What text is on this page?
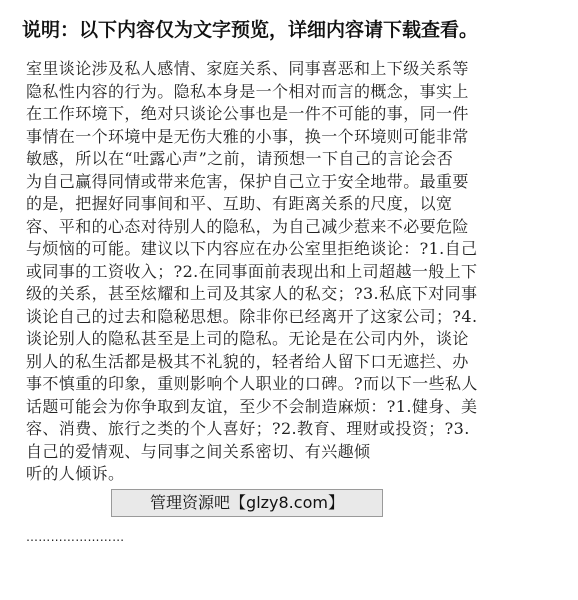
说明：以下内容仅为文字预览，详细内容请下载查看。
室里谈论涉及私人感情、家庭关系、同事喜恶和上下级关系等
隐私性内容的行为。隐私本身是一个相对而言的概念，事实上
在工作环境下，绝对只谈论公事也是一件不可能的事，同一件
事情在一个环境中是无伤大雅的小事，换一个环境则可能非常
敏感，所以在“吐露心声”之前，请预想一下自己的言论会否
为自己赢得同情或带来危害，保护自己立于安全地带。最重要
的是，把握好同事间和平、互助、有距离关系的尺度，以宽
容、平和的心态对待别人的隐私，为自己减少惹来不必要危险
与烦恼的可能。建议以下内容应在办公室里拒绝谈论：?1.自己
或同事的工资收入；?2.在同事面前表现出和上司超越一般上下
级的关系，甚至炫耀和上司及其家人的私交；?3.私底下对同事
谈论自己的过去和隐秘思想。除非你已经离开了这家公司；?4.
谈论别人的隐私甚至是上司的隐私。无论是在公司内外，谈论
别人的私生活都是极其不礼貌的，轻者给人留下口无遮拦、办
事不慎重的印象，重则影响个人职业的口碑。?而以下一些私人
话题可能会为你争取到友谊，至少不会制造麻烦：?1.健身、美
容、消费、旅行之类的个人喜好；?2.教育、理财或投资；?3.
自己的爱情观、与同事之间关系密切、有兴趣倾
听的人倾诉。
管理资源吧【glzy8.com】
……………………
